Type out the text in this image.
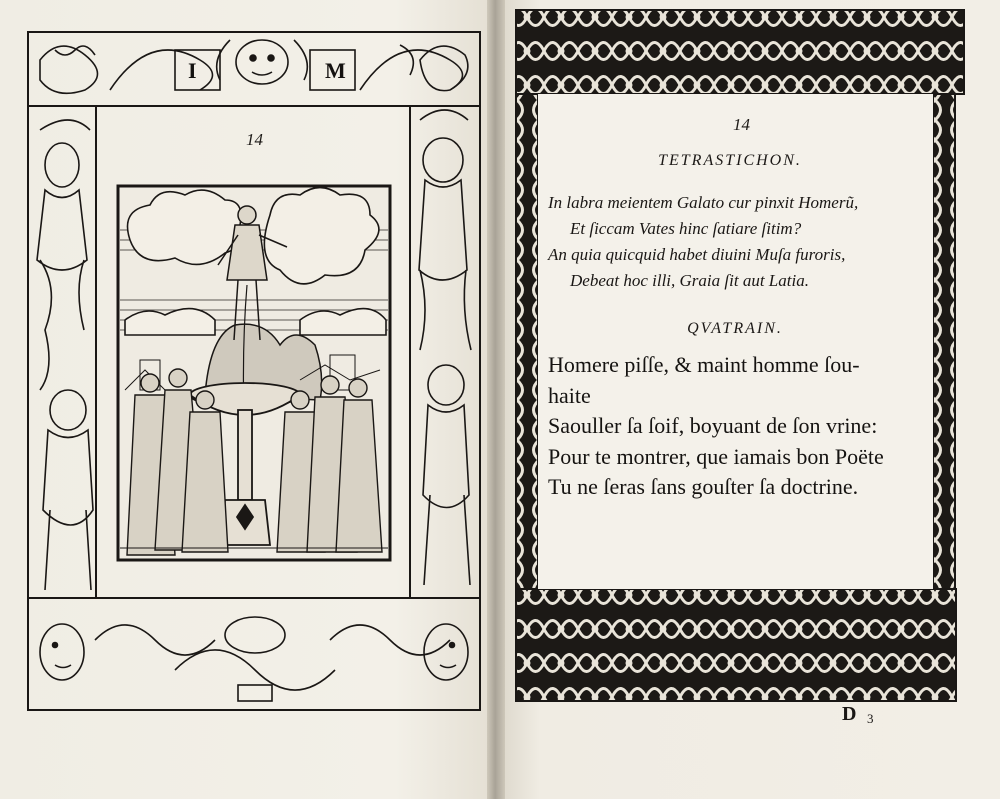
I	M
14
14
TETRASTICHON.
In labra meientem Galato cur pinxit Homerũ,
Et ſiccam Vates hinc ſatiare ſitim?
An quia quicquid habet diuini Muſa furoris,
Debeat hoc illi, Graia ſit aut Latia.
QVATRAIN.
Homere piſſe, & maint homme ſou-
haite
Saouller ſa ſoif, boyuant de ſon vrine:
Pour te montrer, que iamais bon Poëte
Tu ne ſeras ſans gouſter ſa doctrine.
D 3
